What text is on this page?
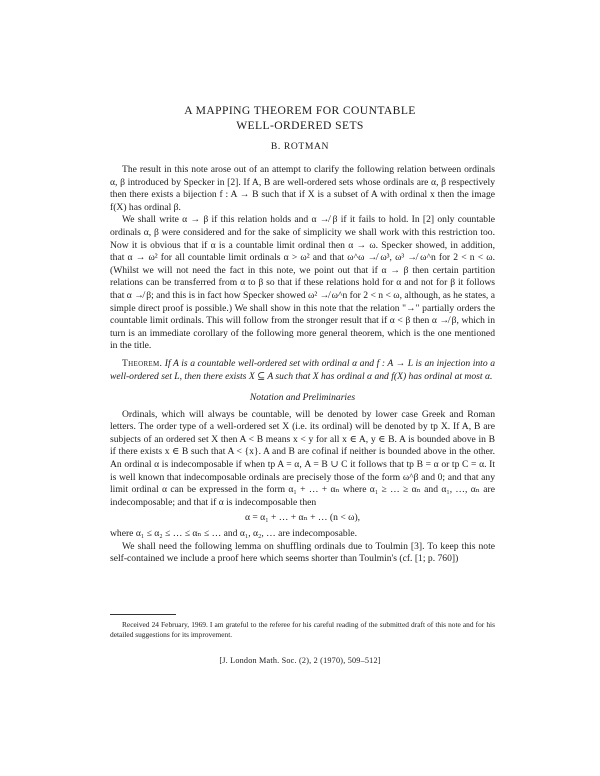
A MAPPING THEOREM FOR COUNTABLE
WELL-ORDERED SETS
B. ROTMAN

The result in this note arose out of an attempt to clarify the following relation between ordinals α, β introduced by Specker in [2]. If A, B are well-ordered sets whose ordinals are α, β respectively then there exists a bijection f : A → B such that if X is a subset of A with ordinal x then the image f(X) has ordinal β.

We shall write α → β if this relation holds and α ↛ β if it fails to hold. In [2] only countable ordinals α, β were considered and for the sake of simplicity we shall work with this restriction too. Now it is obvious that if α is a countable limit ordinal then α → ω. Specker showed, in addition, that α → ω² for all countable limit ordinals α > ω² and that ω^ω ↛ ω³, ω³ ↛ ω^n for 2 < n < ω. (Whilst we will not need the fact in this note, we point out that if α → β then certain partition relations can be transferred from α to β so that if these relations hold for α and not for β it follows that α ↛ β; and this is in fact how Specker showed ω² ↛ ω^n for 2 < n < ω, although, as he states, a simple direct proof is possible.) We shall show in this note that the relation "→" partially orders the countable limit ordinals. This will follow from the stronger result that if α < β then α ↛ β, which in turn is an immediate corollary of the following more general theorem, which is the one mentioned in the title.

Theorem. If A is a countable well-ordered set with ordinal α and f : A → L is an injection into a well-ordered set L, then there exists X ⊆ A such that X has ordinal α and f(X) has ordinal at most α.

Notation and Preliminaries

Ordinals, which will always be countable, will be denoted by lower case Greek and Roman letters. The order type of a well-ordered set X (i.e. its ordinal) will be denoted by tp X. If A, B are subjects of an ordered set X then A < B means x < y for all x ∈ A, y ∈ B. A is bounded above in B if there exists x ∈ B such that A < {x}. A and B are cofinal if neither is bounded above in the other. An ordinal α is indecomposable if when tp A = α, A = B ∪ C it follows that tp B = α or tp C = α. It is well known that indecomposable ordinals are precisely those of the form ω^β and 0; and that any limit ordinal α can be expressed in the form α₁ + … + αₙ where α₁ ≥ … ≥ αₙ and α₁, …, αₙ are indecomposable; and that if α is indecomposable then

α = α₁ + … + αₙ + … (n < ω),

where α₁ ≤ α₂ ≤ … ≤ αₙ ≤ … and α₁, α₂, … are indecomposable.

We shall need the following lemma on shuffling ordinals due to Toulmin [3]. To keep this note self-contained we include a proof here which seems shorter than Toulmin's (cf. [1; p. 760])

Received 24 February, 1969. I am grateful to the referee for his careful reading of the submitted draft of this note and for his detailed suggestions for its improvement.
[J. London Math. Soc. (2), 2 (1970), 509–512]
